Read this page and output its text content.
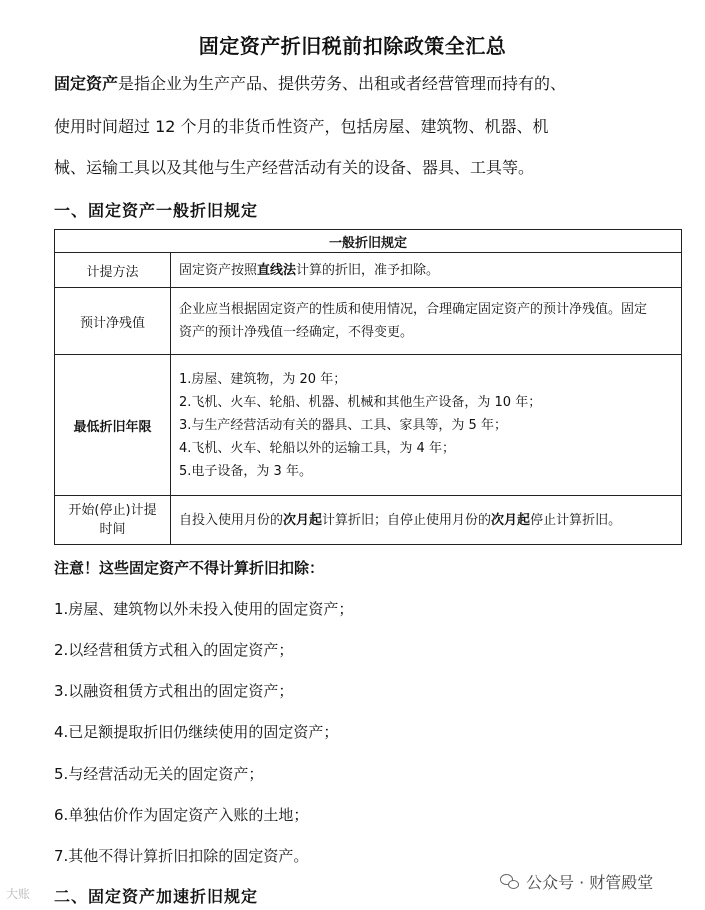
固定资产折旧税前扣除政策全汇总
固定资产是指企业为生产产品、提供劳务、出租或者经营管理而持有的、
使用时间超过 12 个月的非货币性资产，包括房屋、建筑物、机器、机
械、运输工具以及其他与生产经营活动有关的设备、器具、工具等。
一、固定资产一般折旧规定
一般折旧规定	
计提方法	固定资产按照直线法计算的折旧，准予扣除。
预计净残值	企业应当根据固定资产的性质和使用情况，合理确定固定资产的预计净残值。固定
资产的预计净残值一经确定，不得变更。

最低折旧年限	1.房屋、建筑物，为 20 年；
2.飞机、火车、轮船、机器、机械和其他生产设备，为 10 年；
3.与生产经营活动有关的器具、工具、家具等，为 5 年；
4.飞机、火车、轮船以外的运输工具，为 4 年；
5.电子设备，为 3 年。

开始(停止)计提
时间	自投入使用月份的次月起计算折旧；自停止使用月份的次月起停止计算折旧。
注意！这些固定资产不得计算折旧扣除：
1.房屋、建筑物以外未投入使用的固定资产；
2.以经营租赁方式租入的固定资产；
3.以融资租赁方式租出的固定资产；
4.已足额提取折旧仍继续使用的固定资产；
5.与经营活动无关的固定资产；
6.单独估价作为固定资产入账的土地；
7.其他不得计算折旧扣除的固定资产。
二、固定资产加速折旧规定
公众号 · 财管殿堂
大账
